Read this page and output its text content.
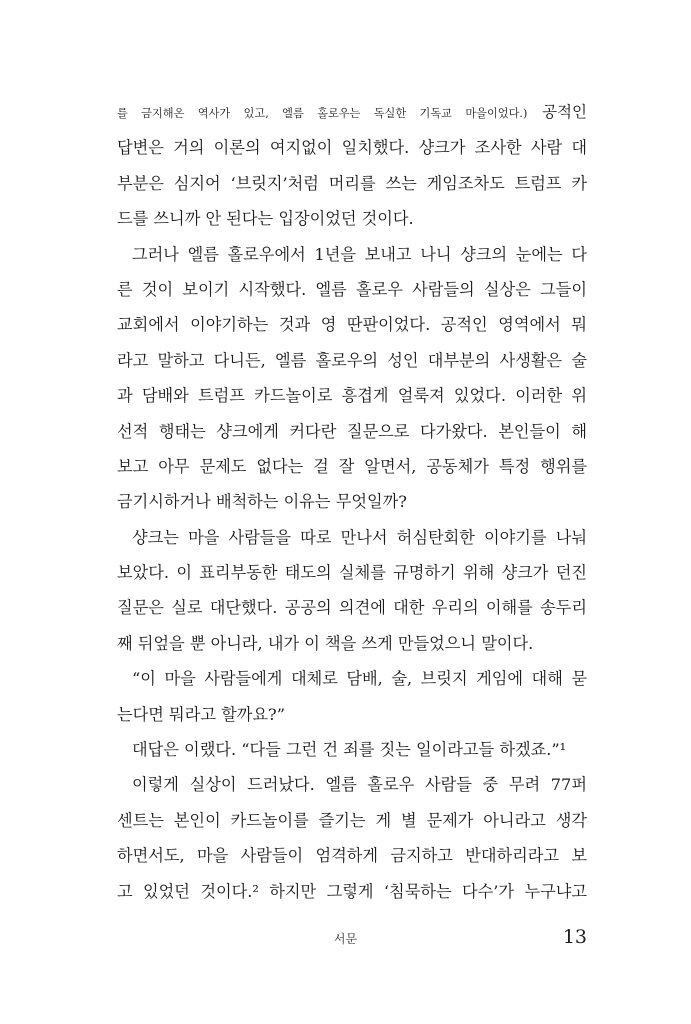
를 금지해온 역사가 있고, 엘름 홀로우는 독실한 기독교 마을이었다.) 공적인
답변은 거의 이론의 여지없이 일치했다. 샹크가 조사한 사람 대
부분은 심지어 ‘브릿지’처럼 머리를 쓰는 게임조차도 트럼프 카
드를 쓰니까 안 된다는 입장이었던 것이다.
그러나 엘름 홀로우에서 1년을 보내고 나니 샹크의 눈에는 다
른 것이 보이기 시작했다. 엘름 홀로우 사람들의 실상은 그들이
교회에서 이야기하는 것과 영 딴판이었다. 공적인 영역에서 뭐
라고 말하고 다니든, 엘름 홀로우의 성인 대부분의 사생활은 술
과 담배와 트럼프 카드놀이로 흥겹게 얼룩져 있었다. 이러한 위
선적 행태는 샹크에게 커다란 질문으로 다가왔다. 본인들이 해
보고 아무 문제도 없다는 걸 잘 알면서, 공동체가 특정 행위를
금기시하거나 배척하는 이유는 무엇일까?
샹크는 마을 사람들을 따로 만나서 허심탄회한 이야기를 나눠
보았다. 이 표리부동한 태도의 실체를 규명하기 위해 샹크가 던진
질문은 실로 대단했다. 공공의 의견에 대한 우리의 이해를 송두리
째 뒤엎을 뿐 아니라, 내가 이 책을 쓰게 만들었으니 말이다.
“이 마을 사람들에게 대체로 담배, 술, 브릿지 게임에 대해 묻
는다면 뭐라고 할까요?”
대답은 이랬다. “다들 그런 건 죄를 짓는 일이라고들 하겠죠.”¹
이렇게 실상이 드러났다. 엘름 홀로우 사람들 중 무려 77퍼
센트는 본인이 카드놀이를 즐기는 게 별 문제가 아니라고 생각
하면서도, 마을 사람들이 엄격하게 금지하고 반대하리라고 보
고 있었던 것이다.² 하지만 그렇게 ‘침묵하는 다수’가 누구냐고
서문	13
